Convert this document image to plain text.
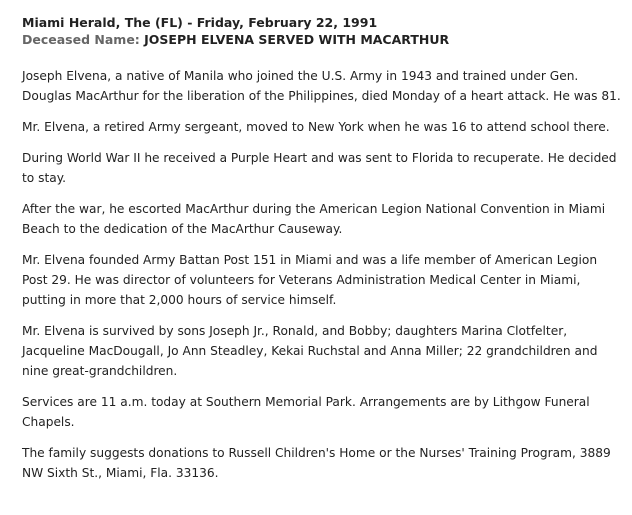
Miami Herald, The (FL) - Friday, February 22, 1991
Deceased Name: JOSEPH ELVENA SERVED WITH MACARTHUR

Joseph Elvena, a native of Manila who joined the U.S. Army in 1943 and trained under Gen. Douglas MacArthur for the liberation of the Philippines, died Monday of a heart attack. He was 81.

Mr. Elvena, a retired Army sergeant, moved to New York when he was 16 to attend school there.

During World War II he received a Purple Heart and was sent to Florida to recuperate. He decided to stay.

After the war, he escorted MacArthur during the American Legion National Convention in Miami Beach to the dedication of the MacArthur Causeway.

Mr. Elvena founded Army Battan Post 151 in Miami and was a life member of American Legion Post 29. He was director of volunteers for Veterans Administration Medical Center in Miami, putting in more that 2,000 hours of service himself.

Mr. Elvena is survived by sons Joseph Jr., Ronald, and Bobby; daughters Marina Clotfelter, Jacqueline MacDougall, Jo Ann Steadley, Kekai Ruchstal and Anna Miller; 22 grandchildren and nine great-grandchildren.

Services are 11 a.m. today at Southern Memorial Park. Arrangements are by Lithgow Funeral Chapels.

The family suggests donations to Russell Children's Home or the Nurses' Training Program, 3889 NW Sixth St., Miami, Fla. 33136.
